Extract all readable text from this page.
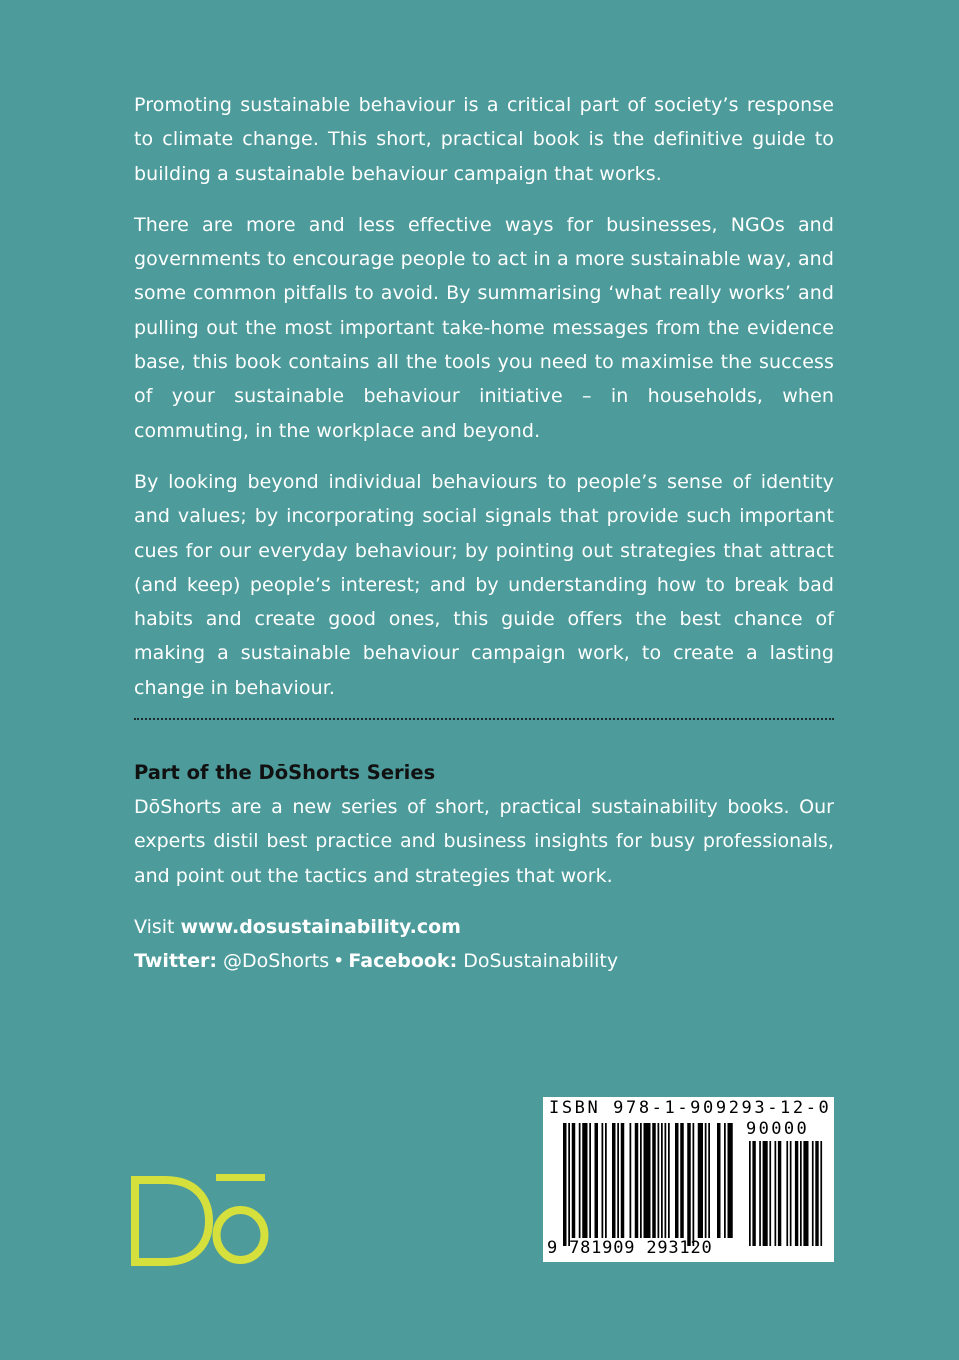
Promoting sustainable behaviour is a critical part of society’s response to climate change. This short, practical book is the definitive guide to building a sustainable behaviour campaign that works.

There are more and less effective ways for businesses, NGOs and governments to encourage people to act in a more sustainable way, and some common pitfalls to avoid. By summarising ‘what really works’ and pulling out the most important take-home messages from the evidence base, this book contains all the tools you need to maximise the success of your sustainable behaviour initiative – in households, when commuting, in the workplace and beyond.

By looking beyond individual behaviours to people’s sense of identity and values; by incorporating social signals that provide such important cues for our everyday behaviour; by pointing out strategies that attract (and keep) people’s interest; and by understanding how to break bad habits and create good ones, this guide offers the best chance of making a sustainable behaviour campaign work, to create a lasting change in behaviour.

Part of the DōShorts Series

DōShorts are a new series of short, practical sustainability books. Our experts distil best practice and business insights for busy professionals, and point out the tactics and strategies that work.

Visit www.dosustainability.com

Twitter: @DoShorts • Facebook: DoSustainability

ISBN 978-1-909293-12-0
90000
9 781909 293120
